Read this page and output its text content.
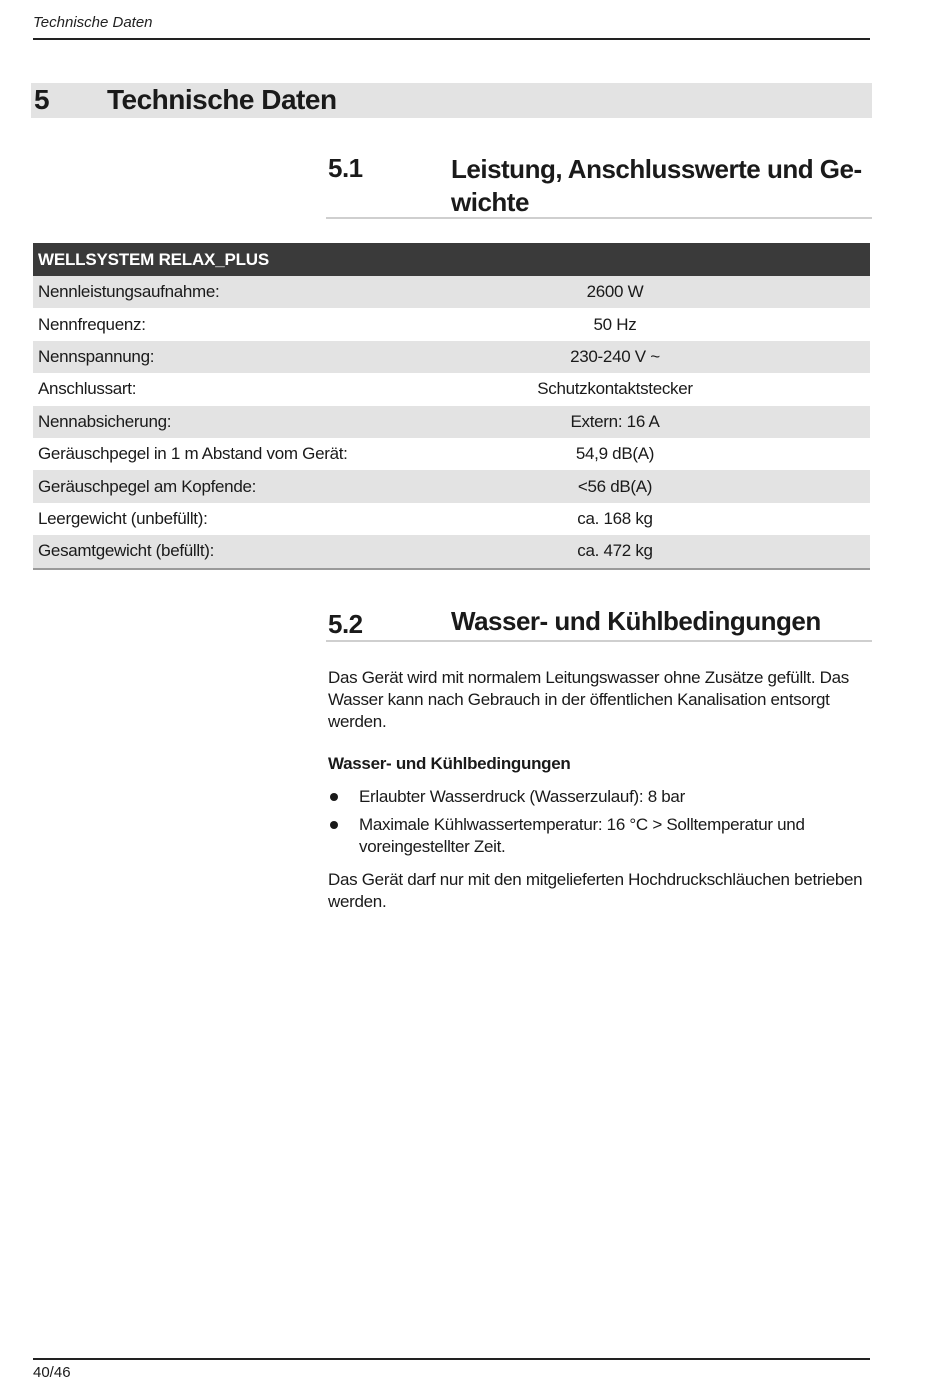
Technische Daten
5 Technische Daten
5.1	Leistung, Anschlusswerte und Ge-
wichte
WELLSYSTEM RELAX_PLUS	
Nennleistungsaufnahme:	2600 W
Nennfrequenz:	50 Hz
Nennspannung:	230-240 V ~
Anschlussart:	Schutzkontaktstecker
Nennabsicherung:	Extern: 16 A
Geräuschpegel in 1 m Abstand vom Gerät:	54,9 dB(A)
Geräuschpegel am Kopfende:	<56 dB(A)
Leergewicht (unbefüllt):	ca. 168 kg
Gesamtgewicht (befüllt):	ca. 472 kg
5.2	Wasser- und Kühlbedingungen

Das Gerät wird mit normalem Leitungswasser ohne Zusätze gefüllt. Das Wasser kann nach Gebrauch in der öffentlichen Kanalisation entsorgt werden.

Wasser- und Kühlbedingungen
Erlaubter Wasserdruck (Wasserzulauf): 8 bar
Maximale Kühlwassertemperatur: 16 °C > Solltemperatur und voreingestellter Zeit.

Das Gerät darf nur mit den mitgelieferten Hochdruckschläuchen betrieben werden.

40/46
